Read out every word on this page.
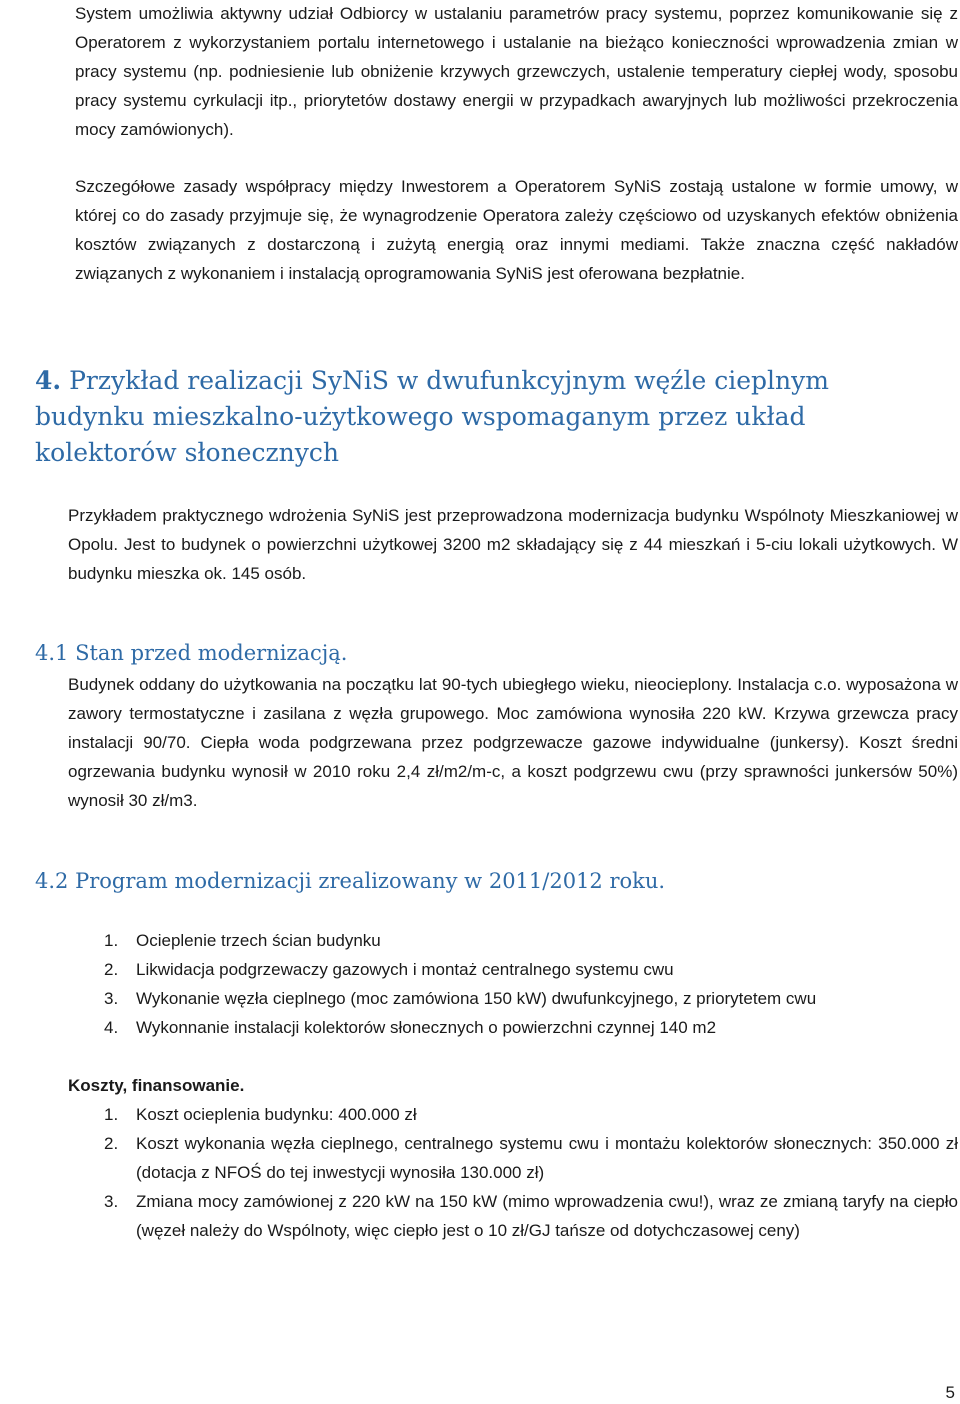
System umożliwia aktywny udział Odbiorcy w ustalaniu parametrów pracy systemu, poprzez komunikowanie się z Operatorem z wykorzystaniem portalu internetowego i ustalanie na bieżąco konieczności wprowadzenia zmian w pracy systemu (np. podniesienie lub obniżenie krzywych grzewczych, ustalenie temperatury ciepłej wody, sposobu pracy systemu cyrkulacji itp., priorytetów dostawy energii w przypadkach awaryjnych lub możliwości przekroczenia mocy zamówionych).

Szczegółowe zasady współpracy między Inwestorem a Operatorem SyNiS zostają ustalone w formie umowy, w której co do zasady przyjmuje się, że wynagrodzenie Operatora zależy częściowo od uzyskanych efektów obniżenia kosztów związanych z dostarczoną i zużytą energią oraz innymi mediami. Także znaczna część nakładów związanych z wykonaniem i instalacją oprogramowania SyNiS jest oferowana bezpłatnie.

4. Przykład realizacji SyNiS w dwufunkcyjnym węźle cieplnym budynku mieszkalno-użytkowego wspomaganym przez układ kolektorów słonecznych

Przykładem praktycznego wdrożenia SyNiS jest przeprowadzona modernizacja budynku Wspólnoty Mieszkaniowej w Opolu. Jest to budynek o powierzchni użytkowej 3200 m2 składający się z 44 mieszkań i 5-ciu lokali użytkowych. W budynku mieszka ok. 145 osób.

4.1 Stan przed modernizacją.

Budynek oddany do użytkowania na początku lat 90-tych ubiegłego wieku, nieocieplony. Instalacja c.o. wyposażona w zawory termostatyczne i zasilana z węzła grupowego. Moc zamówiona wynosiła 220 kW. Krzywa grzewcza pracy instalacji 90/70. Ciepła woda podgrzewana przez podgrzewacze gazowe indywidualne (junkersy). Koszt średni ogrzewania budynku wynosił w 2010 roku 2,4 zł/m2/m-c, a koszt podgrzewu cwu (przy sprawności junkersów 50%) wynosił 30 zł/m3.

4.2 Program modernizacji zrealizowany w 2011/2012 roku.
1. Ocieplenie trzech ścian budynku
2. Likwidacja podgrzewaczy gazowych i montaż centralnego systemu cwu
3. Wykonanie węzła cieplnego (moc zamówiona 150 kW) dwufunkcyjnego, z priorytetem cwu
4. Wykonnanie instalacji kolektorów słonecznych o powierzchni czynnej 140 m2

Koszty, finansowanie.

1. Koszt ocieplenia budynku: 400.000 zł
2. Koszt wykonania węzła cieplnego, centralnego systemu cwu i montażu kolektorów słonecznych: 350.000 zł (dotacja z NFOŚ do tej inwestycji wynosiła 130.000 zł)
3. Zmiana mocy zamówionej z 220 kW na 150 kW (mimo wprowadzenia cwu!), wraz ze zmianą taryfy na ciepło (węzeł należy do Wspólnoty, więc ciepło jest o 10 zł/GJ tańsze od dotychczasowej ceny)
5
